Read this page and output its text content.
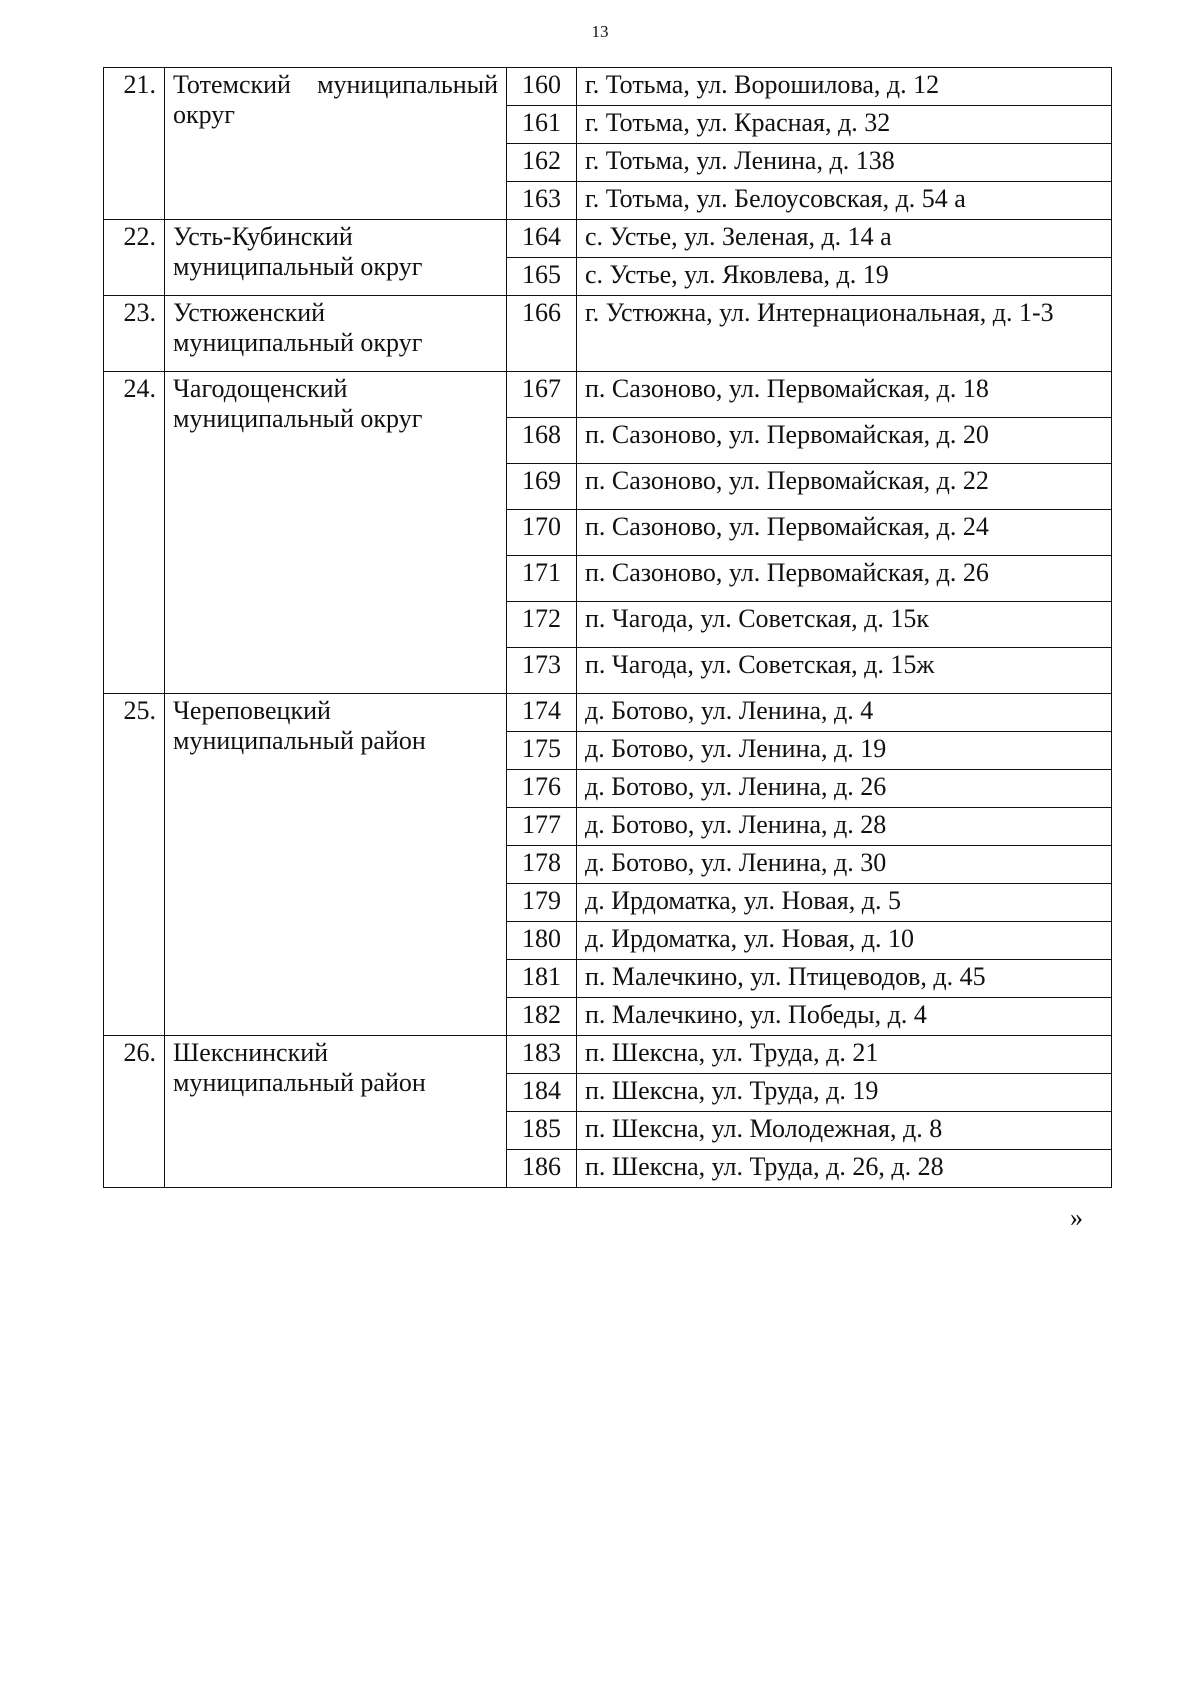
13
21.	Тотемский муниципальный округ	160	г. Тотьма, ул. Ворошилова, д. 12
		161	г. Тотьма, ул. Красная, д. 32
		162	г. Тотьма, ул. Ленина, д. 138
		163	г. Тотьма, ул. Белоусовская, д. 54 а
22.	Усть-Кубинский муниципальный округ	164	с. Устье, ул. Зеленая, д. 14 а
		165	с. Устье, ул. Яковлева, д. 19
23.	Устюженский муниципальный округ	166	г. Устюжна, ул. Интернациональная, д. 1-3
24.	Чагодощенский муниципальный округ	167	п. Сазоново, ул. Первомайская, д. 18
		168	п. Сазоново, ул. Первомайская, д. 20
		169	п. Сазоново, ул. Первомайская, д. 22
		170	п. Сазоново, ул. Первомайская, д. 24
		171	п. Сазоново, ул. Первомайская, д. 26
		172	п. Чагода, ул. Советская, д. 15к
		173	п. Чагода, ул. Советская, д. 15ж
25.	Череповецкий муниципальный район	174	д. Ботово, ул. Ленина, д. 4
		175	д. Ботово, ул. Ленина, д. 19
		176	д. Ботово, ул. Ленина, д. 26
		177	д. Ботово, ул. Ленина, д. 28
		178	д. Ботово, ул. Ленина, д. 30
		179	д. Ирдоматка, ул. Новая, д. 5
		180	д. Ирдоматка, ул. Новая, д. 10
		181	п. Малечкино, ул. Птицеводов, д. 45
		182	п. Малечкино, ул. Победы, д. 4
26.	Шекснинский муниципальный район	183	п. Шексна, ул. Труда, д. 21
		184	п. Шексна, ул. Труда, д. 19
		185	п. Шексна, ул. Молодежная, д. 8
		186	п. Шексна, ул. Труда, д. 26, д. 28
»
